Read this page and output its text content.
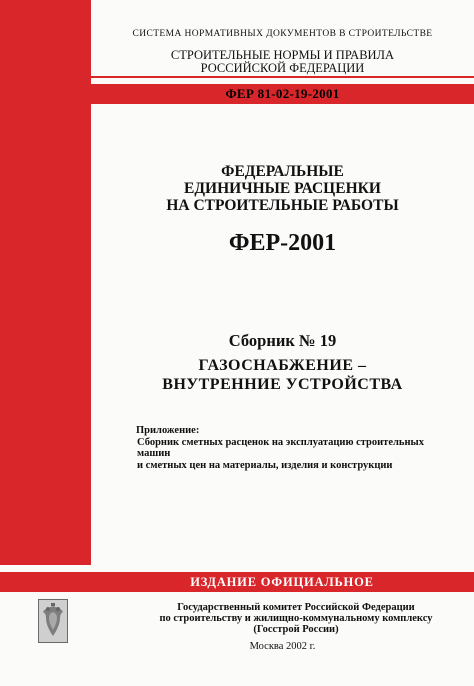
СИСТЕМА НОРМАТИВНЫХ ДОКУМЕНТОВ В СТРОИТЕЛЬСТВЕ
СТРОИТЕЛЬНЫЕ НОРМЫ И ПРАВИЛА
РОССИЙСКОЙ ФЕДЕРАЦИИ
ФЕР 81-02-19-2001
ФЕДЕРАЛЬНЫЕ
ЕДИНИЧНЫЕ РАСЦЕНКИ
НА СТРОИТЕЛЬНЫЕ РАБОТЫ
ФЕР-2001
Сборник № 19
ГАЗОСНАБЖЕНИЕ –
ВНУТРЕННИЕ УСТРОЙСТВА
Приложение:
Сборник сметных расценок на эксплуатацию строительных машин
и сметных цен на материалы, изделия и конструкции
ИЗДАНИЕ ОФИЦИАЛЬНОЕ
Государственный комитет Российской Федерации
по строительству и жилищно-коммунальному комплексу
(Госстрой России)
Москва 2002 г.
